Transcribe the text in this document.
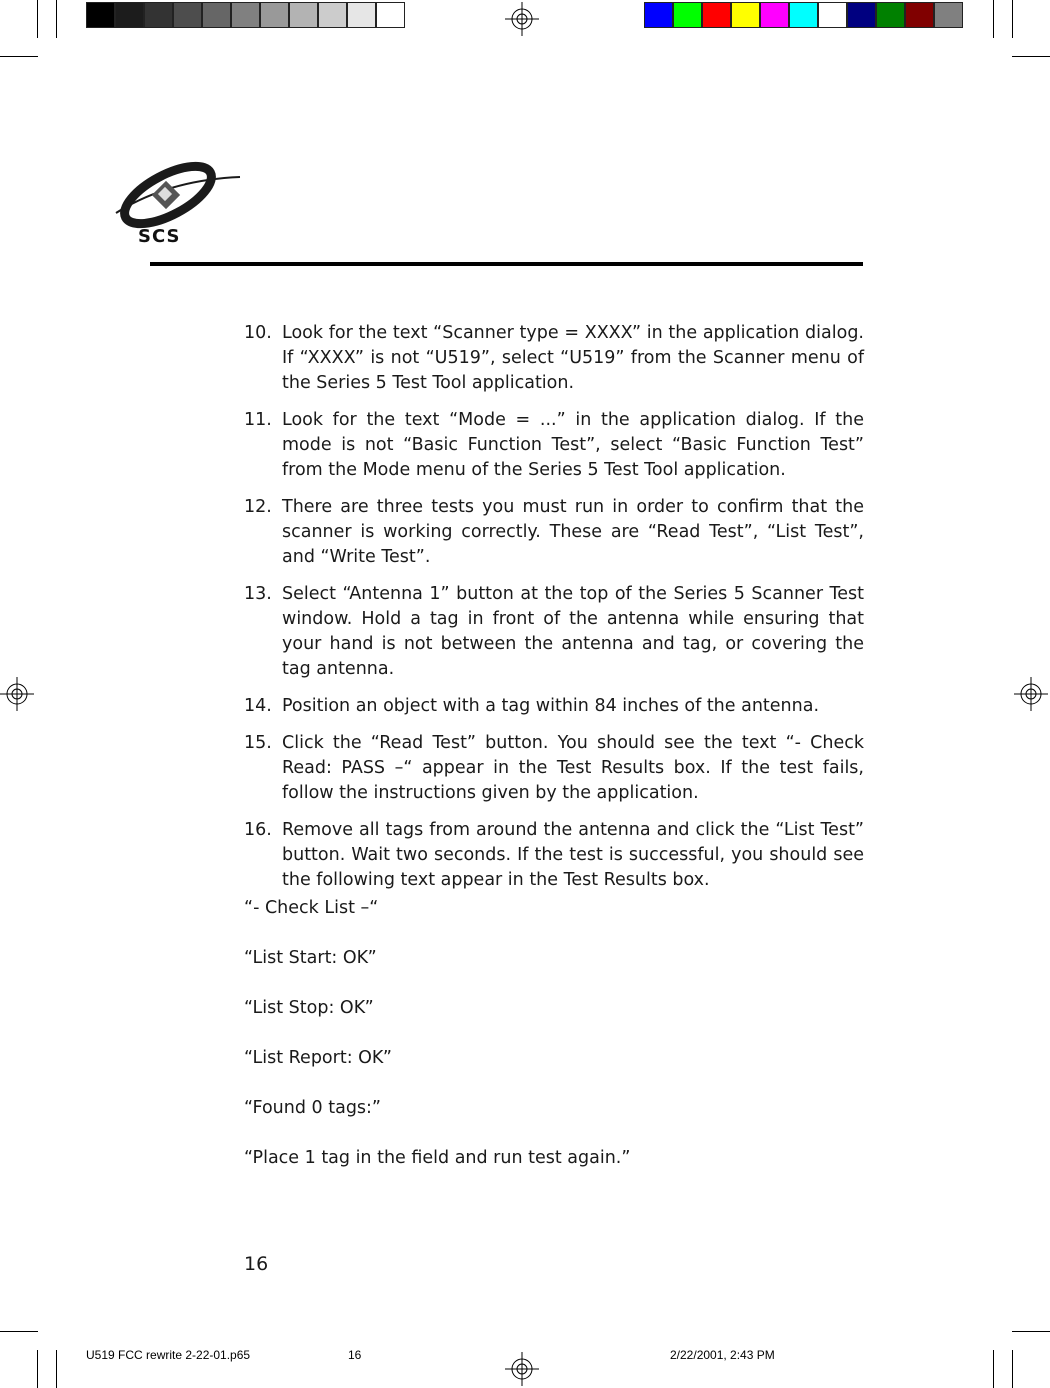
SCS
10. Look for the text “Scanner type = XXXX” in the application dialog. If “XXXX” is not “U519”, select “U519” from the Scanner menu of the Series 5 Test Tool application.
11. Look for the text “Mode = ...” in the application dialog. If the mode is not “Basic Function Test”, select “Basic Function Test” from the Mode menu of the Series 5 Test Tool application.
12. There are three tests you must run in order to confirm that the scanner is working correctly. These are “Read Test”, “List Test”, and “Write Test”.
13. Select “Antenna 1” button at the top of the Series 5 Scanner Test window. Hold a tag in front of the antenna while ensuring that your hand is not between the antenna and tag, or covering the tag antenna.
14. Position an object with a tag within 84 inches of the antenna.
15. Click the “Read Test” button. You should see the text “- Check Read: PASS –“ appear in the Test Results box. If the test fails, follow the instructions given by the application.
16. Remove all tags from around the antenna and click the “List Test” button. Wait two seconds. If the test is successful, you should see the following text appear in the Test Results box.
“- Check List –“
“List Start: OK”
“List Stop: OK”
“List Report: OK”
“Found 0 tags:”
“Place 1 tag in the field and run test again.”
16
U519 FCC rewrite 2-22-01.p65	16	2/22/2001, 2:43 PM
